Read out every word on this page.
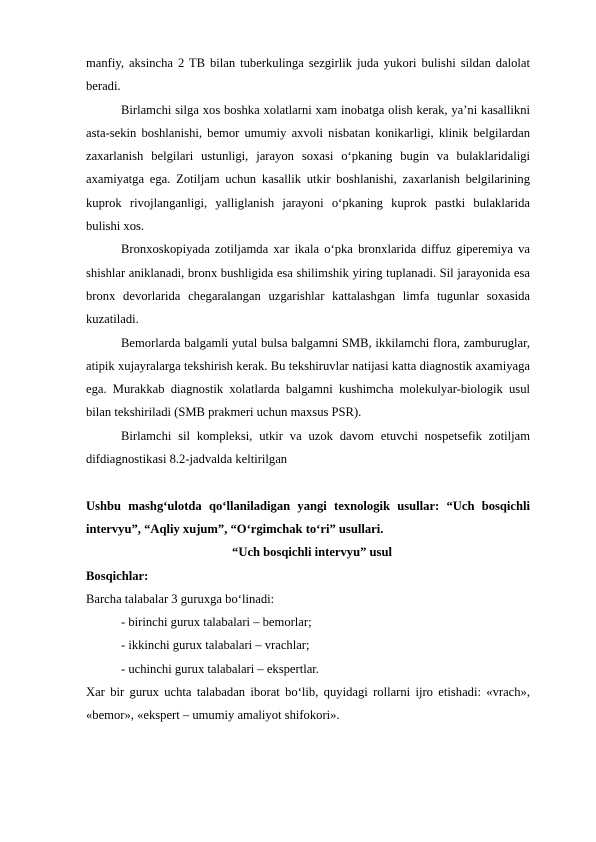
manfiy, aksincha 2 TB bilan tuberkulinga sezgirlik juda yukori bulishi sildan dalolat beradi.

Birlamchi silga xos boshka xolatlarni xam inobatga olish kerak, ya’ni kasallikni asta-sekin boshlanishi, bemor umumiy axvoli nisbatan konikarligi, klinik belgilardan zaxarlanish belgilari ustunligi, jarayon soxasi o‘pkaning bugin va bulaklaridaligi axamiyatga ega. Zotiljam uchun kasallik utkir boshlanishi, zaxarlanish belgilarining kuprok rivojlanganligi, yalliglanish jarayoni o‘pkaning kuprok pastki bulaklarida bulishi xos.

Bronxoskopiyada zotiljamda xar ikala o‘pka bronxlarida diffuz giperemiya va shishlar aniklanadi, bronx bushligida esa shilimshik yiring tuplanadi. Sil jarayonida esa bronx devorlarida chegaralangan uzgarishlar kattalashgan limfa tugunlar soxasida kuzatiladi.

Bemorlarda balgamli yutal bulsa balgamni SMB, ikkilamchi flora, zamburuglar, atipik xujayralarga tekshirish kerak. Bu tekshiruvlar natijasi katta diagnostik axamiyaga ega. Murakkab diagnostik xolatlarda balgamni kushimcha molekulyar-biologik usul bilan tekshiriladi (SMB prakmeri uchun maxsus PSR).

Birlamchi sil kompleksi, utkir va uzok davom etuvchi nospetsefik zotiljam difdiagnostikasi 8.2-jadvalda keltirilgan

Ushbu mashg‘ulotda qo‘llaniladigan yangi texnologik usullar: “Uch bosqichli intervyu”, “Aqliy xujum”, “O‘rgimchak to‘ri” usullari.

“Uch bosqichli intervyu” usul

Bosqichlar:

Barcha talabalar 3 guruxga bo‘linadi:

- birinchi gurux talabalari – bemorlar;

- ikkinchi gurux talabalari – vrachlar;

- uchinchi gurux talabalari – ekspertlar.

Xar bir gurux uchta talabadan iborat bo‘lib, quyidagi rollarni ijro etishadi: «vrach», «bemor», «ekspert – umumiy amaliyot shifokori».
